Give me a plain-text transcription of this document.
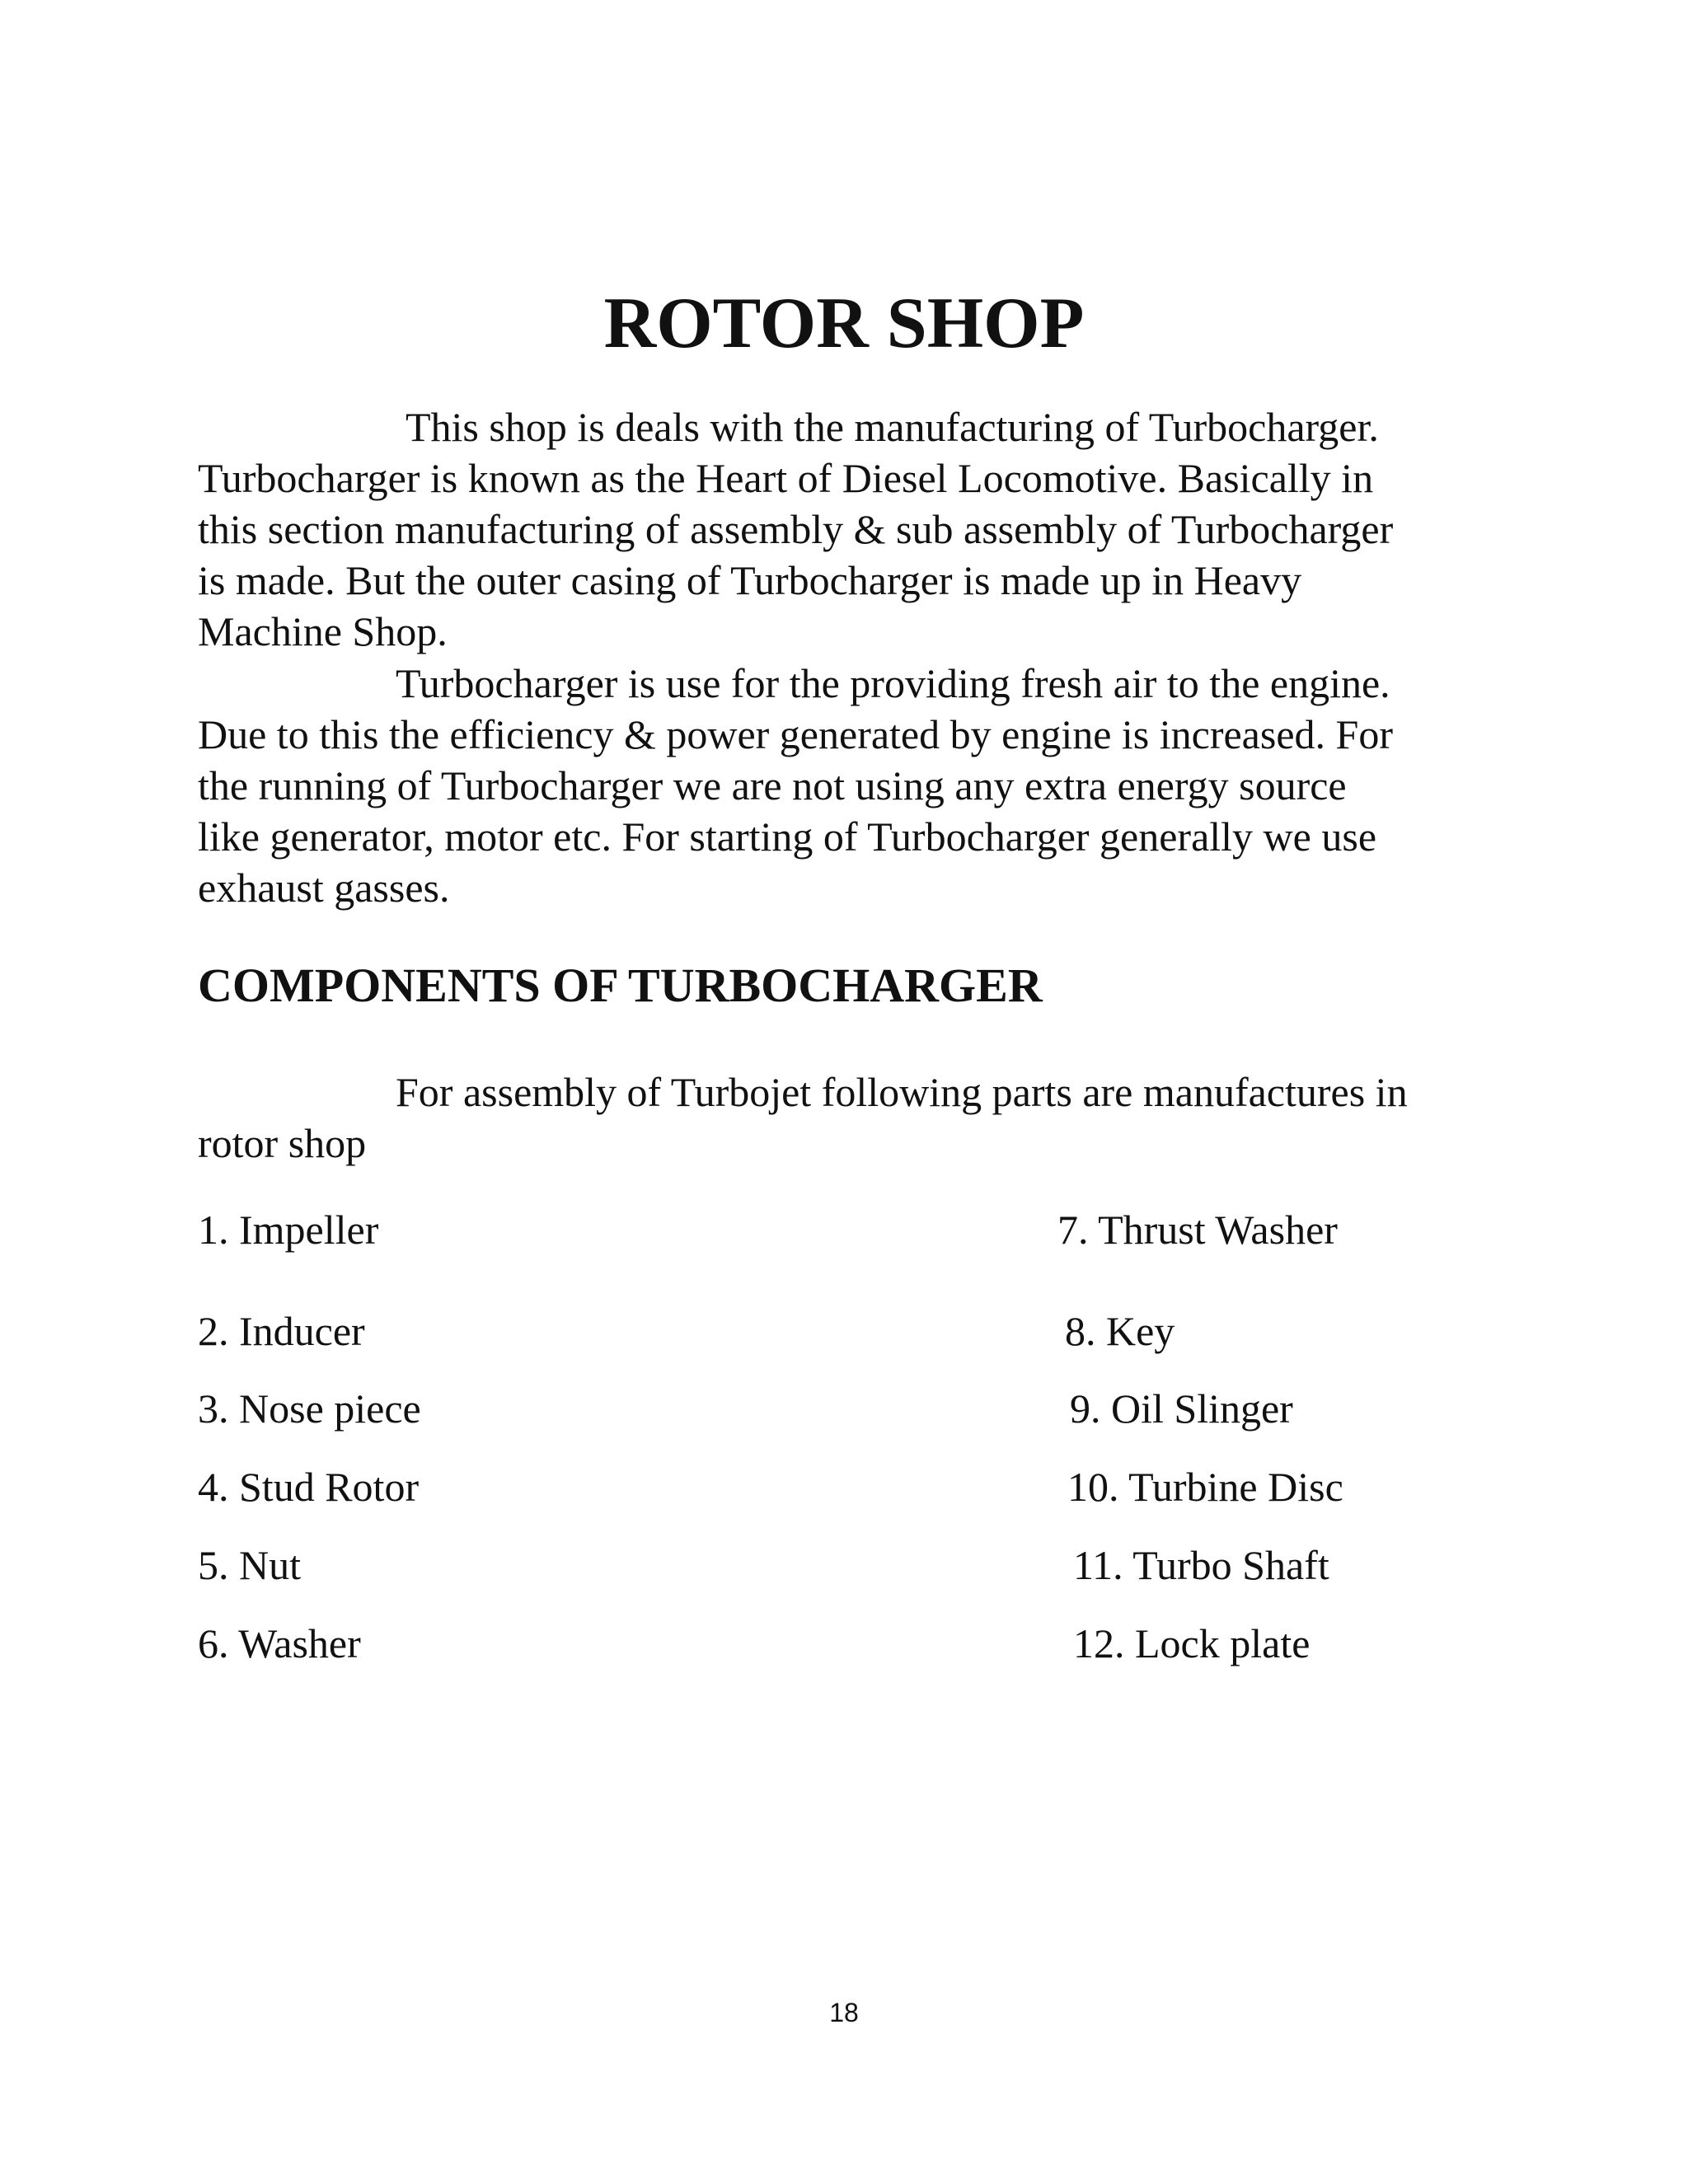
ROTOR SHOP

This shop is deals with the manufacturing of Turbocharger.
Turbocharger is known as the Heart of Diesel Locomotive. Basically in
this section manufacturing of assembly & sub assembly of Turbocharger
is made. But the outer casing of Turbocharger is made up in Heavy
Machine Shop.

Turbocharger is use for the providing fresh air to the engine.
Due to this the efficiency & power generated by engine is increased. For
the running of Turbocharger we are not using any extra energy source
like generator, motor etc. For starting of Turbocharger generally we use
exhaust gasses.

COMPONENTS OF TURBOCHARGER

For assembly of Turbojet following parts are manufactures in
rotor shop

1. Impeller
2. Inducer
3. Nose piece
4. Stud Rotor
5. Nut
6. Washer
7. Thrust Washer
8. Key
9. Oil Slinger
10. Turbine Disc
11. Turbo Shaft
12. Lock plate
18
